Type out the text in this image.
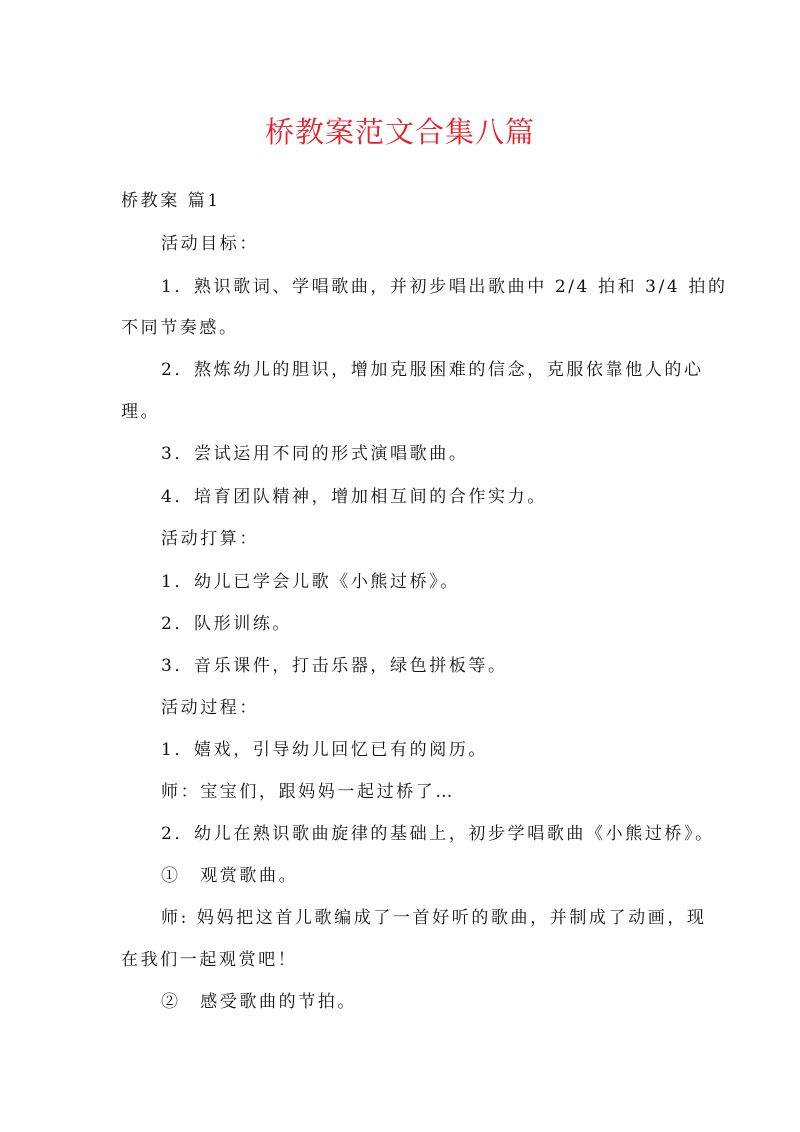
桥教案范文合集八篇

桥教案 篇1

活动目标：

1．熟识歌词、学唱歌曲，并初步唱出歌曲中 2/4 拍和 3/4 拍的

不同节奏感。

2．熬炼幼儿的胆识，增加克服困难的信念，克服依靠他人的心

理。

3．尝试运用不同的形式演唱歌曲。

4．培育团队精神，增加相互间的合作实力。

活动打算：

1．幼儿已学会儿歌《小熊过桥》。

2．队形训练。

3．音乐课件，打击乐器，绿色拼板等。

活动过程：

1．嬉戏，引导幼儿回忆已有的阅历。

师：宝宝们，跟妈妈一起过桥了…

2．幼儿在熟识歌曲旋律的基础上，初步学唱歌曲《小熊过桥》。

①　观赏歌曲。

师: 妈妈把这首儿歌编成了一首好听的歌曲，并制成了动画，现

在我们一起观赏吧！

②　感受歌曲的节拍。
